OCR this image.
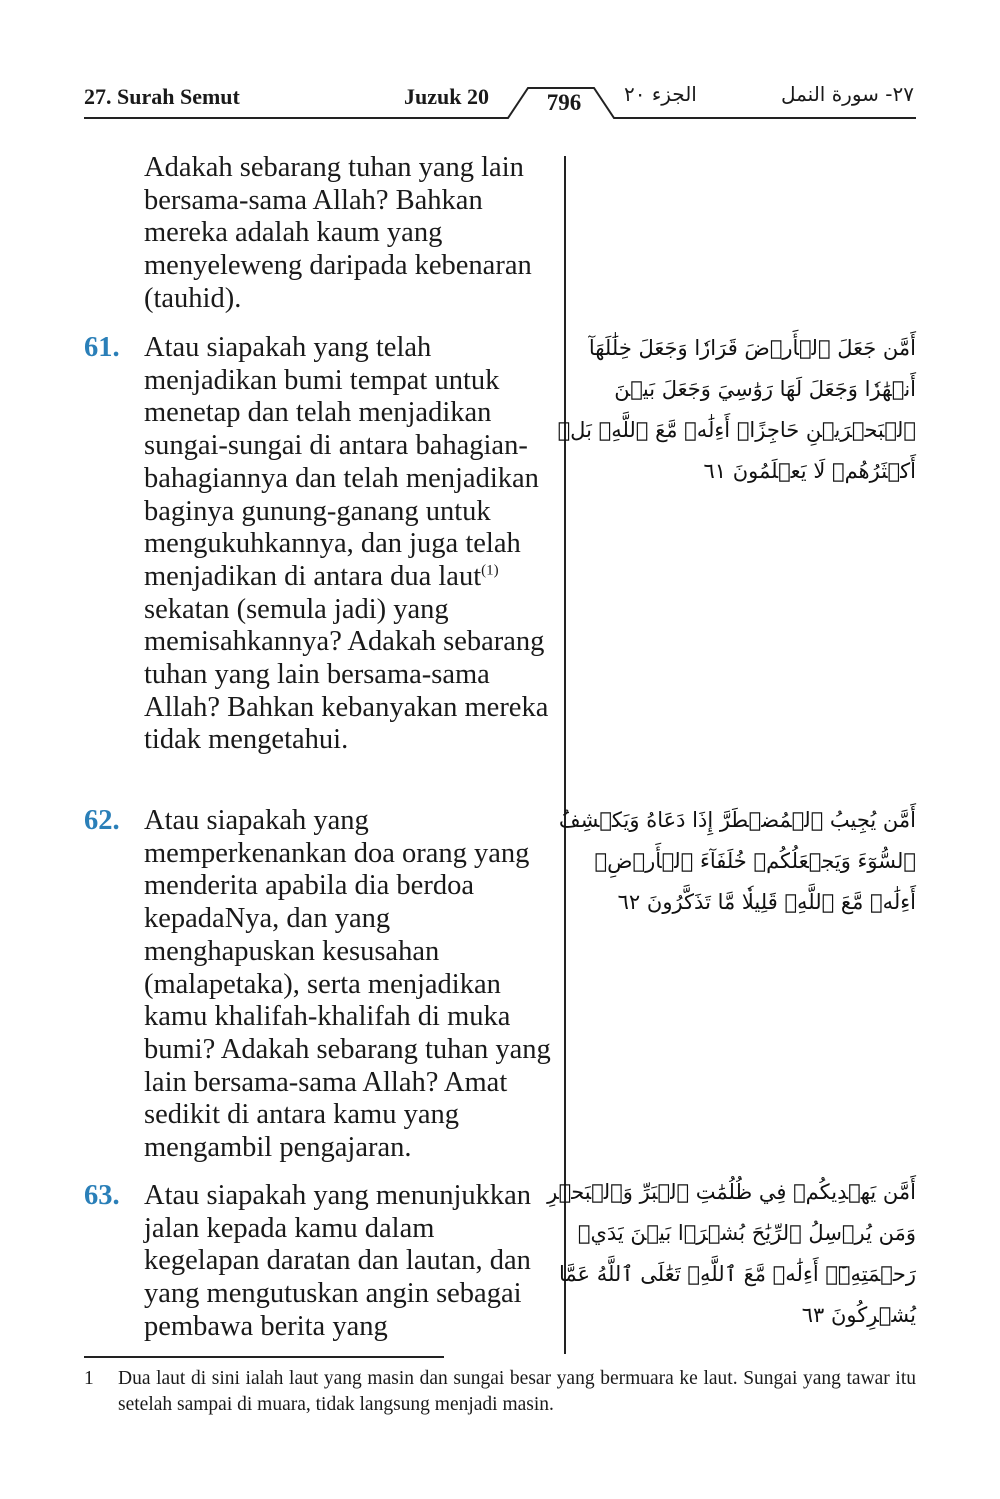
27. Surah Semut	Juzuk 20	796	الجزء ٢٠	٢٧- سورة النمل
Adakah sebarang tuhan yang lain bersama-sama Allah? Bahkan mereka adalah kaum yang menyeleweng daripada kebenaran (tauhid).
61. Atau siapakah yang telah menjadikan bumi tempat untuk menetap dan telah menjadikan sungai-sungai di antara bahagian-bahagiannya dan telah menjadikan baginya gunung-ganang untuk mengukuhkannya, dan juga telah menjadikan di antara dua laut$^{(1)}$ sekatan (semula jadi) yang memisahkannya? Adakah sebarang tuhan yang lain bersama-sama Allah? Bahkan kebanyakan mereka tidak mengetahui.
62. Atau siapakah yang memperkenankan doa orang yang menderita apabila dia berdoa kepadaNya, dan yang menghapuskan kesusahan (malapetaka), serta menjadikan kamu khalifah-khalifah di muka bumi? Adakah sebarang tuhan yang lain bersama-sama Allah? Amat sedikit di antara kamu yang mengambil pengajaran.
63. Atau siapakah yang menunjukkan jalan kepada kamu dalam kegelapan daratan dan lautan, dan yang mengutuskan angin sebagai pembawa berita yang
أَمَّن جَعَلَ ٱلۡأَرۡضَ قَرَارٗا وَجَعَلَ خِلَٰلَهَآ
أَنۡهَٰرٗا وَجَعَلَ لَهَا رَوَٰسِيَ وَجَعَلَ بَيۡنَ
ٱلۡبَحۡرَيۡنِ حَاجِزًاۗ أَءِلَٰهٞ مَّعَ ٱللَّهِۚ بَلۡ
أَكۡثَرُهُمۡ لَا يَعۡلَمُونَ ٦١
أَمَّن يُجِيبُ ٱلۡمُضۡطَرَّ إِذَا دَعَاهُ وَيَكۡشِفُ
ٱلسُّوٓءَ وَيَجۡعَلُكُمۡ خُلَفَآءَ ٱلۡأَرۡضِۗ
أَءِلَٰهٞ مَّعَ ٱللَّهِۚ قَلِيلٗا مَّا تَذَكَّرُونَ ٦٢
أَمَّن يَهۡدِيكُمۡ فِي ظُلُمَٰتِ ٱلۡبَرِّ وَٱلۡبَحۡرِ
وَمَن يُرۡسِلُ ٱلرِّيَٰحَ بُشۡرَۢا بَيۡنَ يَدَيۡ
رَحۡمَتِهِۦٓۗ أَءِلَٰهٞ مَّعَ ٱللَّهِۚ تَعَٰلَى ٱللَّهُ عَمَّا
يُشۡرِكُونَ ٦٣
1 Dua laut di sini ialah laut yang masin dan sungai besar yang bermuara ke laut. Sungai yang tawar itu setelah sampai di muara, tidak langsung menjadi masin.
